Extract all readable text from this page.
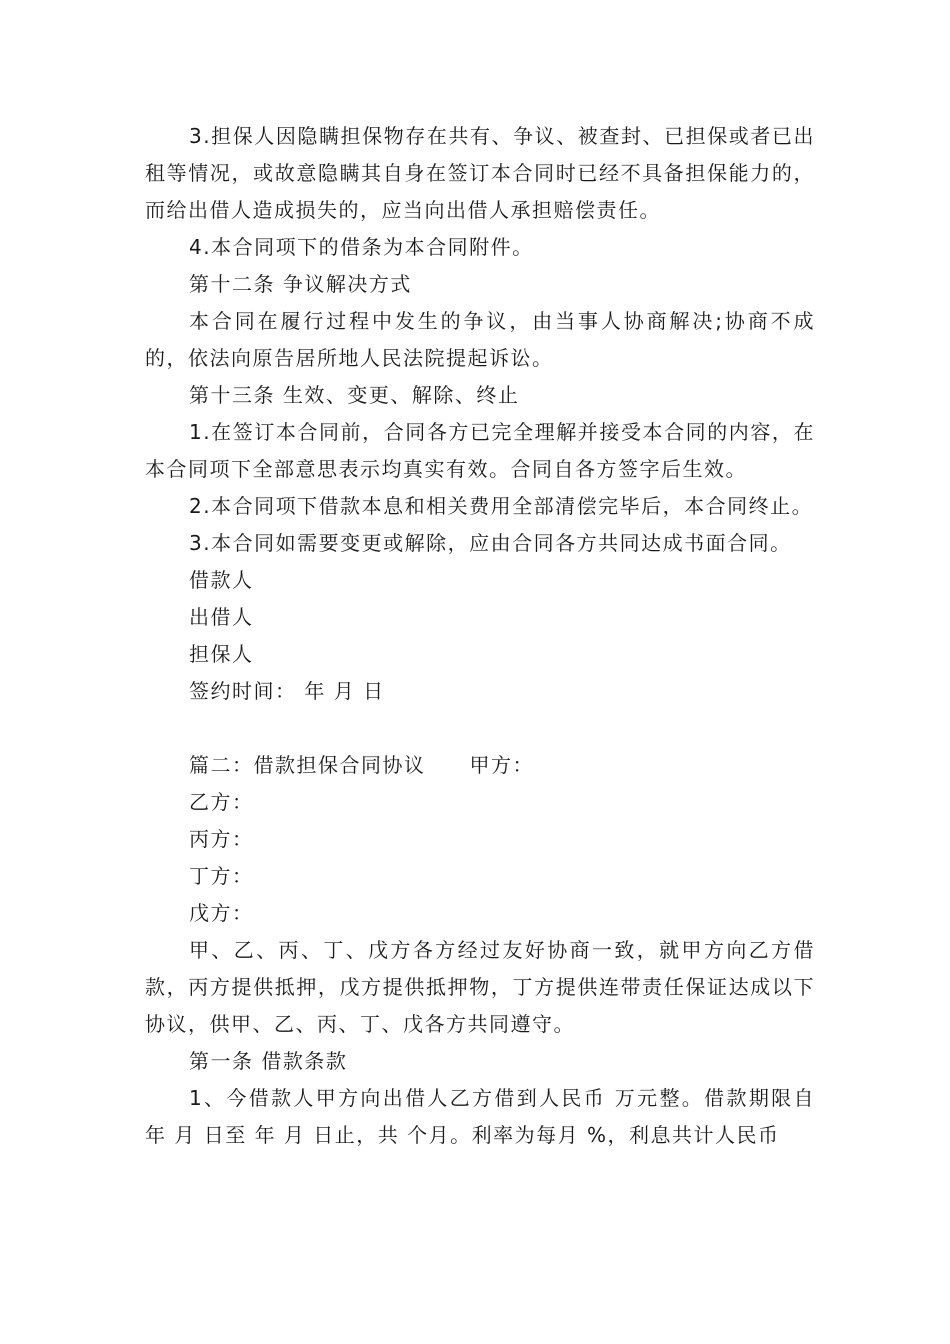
3.担保人因隐瞒担保物存在共有、争议、被查封、已担保或者已出租等情况，或故意隐瞒其自身在签订本合同时已经不具备担保能力的，而给出借人造成损失的，应当向出借人承担赔偿责任。

4.本合同项下的借条为本合同附件。

第十二条 争议解决方式

本合同在履行过程中发生的争议，由当事人协商解决;协商不成的，依法向原告居所地人民法院提起诉讼。

第十三条 生效、变更、解除、终止

1.在签订本合同前，合同各方已完全理解并接受本合同的内容，在本合同项下全部意思表示均真实有效。合同自各方签字后生效。

2.本合同项下借款本息和相关费用全部清偿完毕后，本合同终止。

3.本合同如需要变更或解除，应由合同各方共同达成书面合同。

借款人

出借人

担保人

签约时间： 年 月 日

篇二：借款担保合同协议 甲方：

乙方：

丙方：

丁方：

戊方：

甲、乙、丙、丁、戊方各方经过友好协商一致，就甲方向乙方借款，丙方提供抵押，戊方提供抵押物，丁方提供连带责任保证达成以下协议，供甲、乙、丙、丁、戊各方共同遵守。

第一条 借款条款

1、今借款人甲方向出借人乙方借到人民币 万元整。借款期限自 年 月 日至 年 月 日止，共 个月。利率为每月 %，利息共计人民币
